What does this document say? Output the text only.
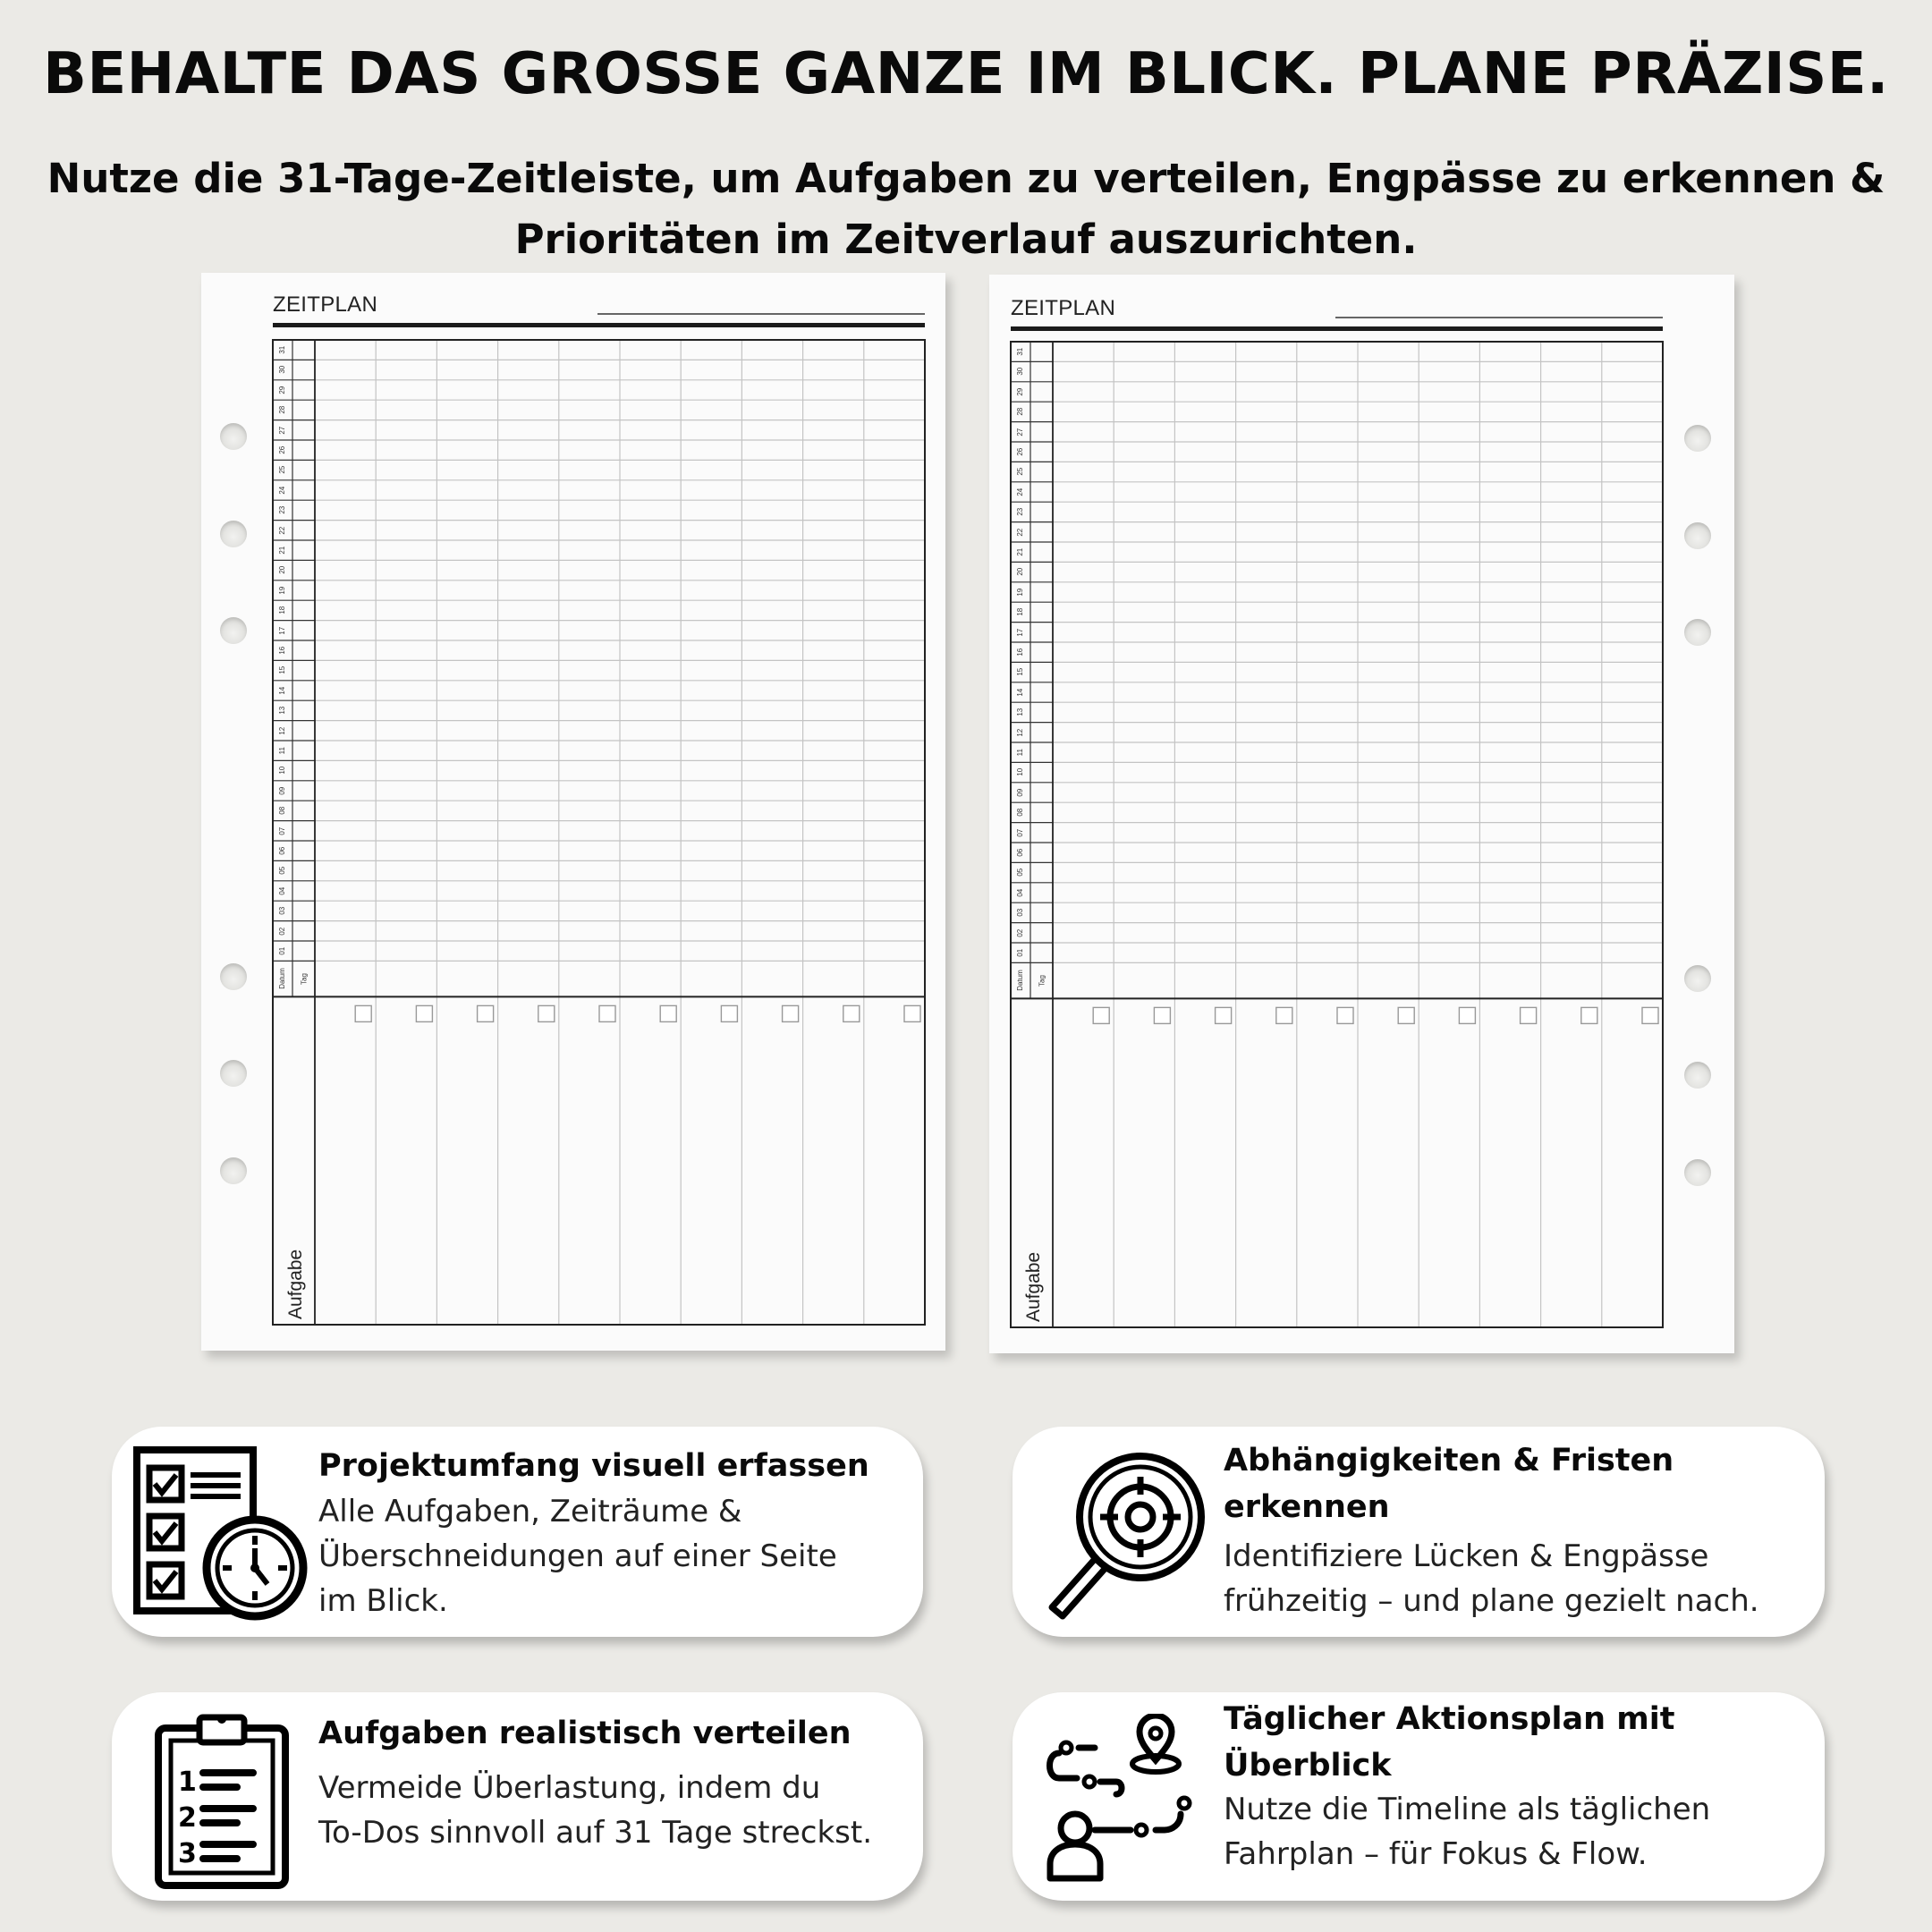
BEHALTE DAS GROSSE GANZE IM BLICK. PLANE PRÄZISE.
Nutze die 31-Tage-Zeitleiste, um Aufgaben zu verteilen, Engpässe zu erkennen &
Prioritäten im Zeitverlauf auszurichten.
ZEITPLAN
31
30
29
28
27
26
25
24
23
22
21
20
19
18
17
16
15
14
13
12
11
10
09
08
07
06
05
04
03
02
01
Datum	Tag
Aufgabe
ZEITPLAN
31
30
29
28
27
26
25
24
23
22
21
20
19
18
17
16
15
14
13
12
11
10
09
08
07
06
05
04
03
02
01
Datum	Tag
Aufgabe
Projektumfang visuell erfassen
Alle Aufgaben, Zeiträume &
Überschneidungen auf einer Seite
im Blick.
Abhängigkeiten & Fristen
erkennen
Identifiziere Lücken & Engpässe
frühzeitig – und plane gezielt nach.
1
2
3
Aufgaben realistisch verteilen
Vermeide Überlastung, indem du
To-Dos sinnvoll auf 31 Tage streckst.
Täglicher Aktionsplan mit
Überblick
Nutze die Timeline als täglichen
Fahrplan – für Fokus & Flow.
